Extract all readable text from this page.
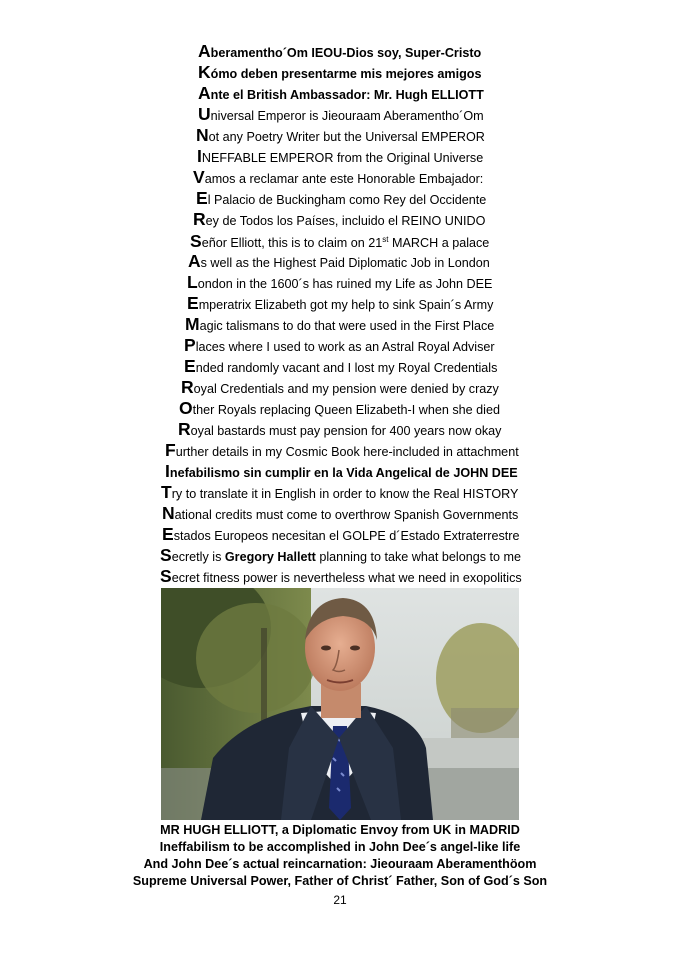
Aberamentho´Om IEOU-Dios soy, Super-Cristo
Kómo deben presentarme mis mejores amigos
Ante el British Ambassador: Mr. Hugh ELLIOTT
Universal Emperor is Jieouraam Aberamentho´Om
Not any Poetry Writer but the Universal EMPEROR
INEFFABLE EMPEROR from the Original Universe
Vamos a reclamar ante este Honorable Embajador:
El Palacio de Buckingham como Rey del Occidente
Rey de Todos los Países, incluido el REINO UNIDO
Señor Elliott, this is to claim on 21st MARCH a palace
As well as the Highest Paid Diplomatic Job in London
London in the 1600´s has ruined my Life as John DEE
Emperatrix Elizabeth got my help to sink Spain´s Army
Magic talismans to do that were used in the First Place
Places where I used to work as an Astral Royal Adviser
Ended randomly vacant and I lost my Royal Credentials
Royal Credentials and my pension were denied by crazy
Other Royals replacing Queen Elizabeth-I when she died
Royal bastards must pay pension for 400 years now okay
Further details in my Cosmic Book here-included in attachment
Inefabilismo sin cumplir en la Vida Angelical de JOHN DEE
Try to translate it in English in order to know the Real HISTORY
National credits must come to overthrow Spanish Governments
Estados Europeos necesitan el GOLPE d´Estado Extraterrestre
Secretly is Gregory Hallett planning to take what belongs to me
Secret fitness power is nevertheless what we need in exopolitics
MR HUGH ELLIOTT, a Diplomatic Envoy from UK in MADRID
Ineffabilism to be accomplished in John Dee´s angel-like life
And John Dee´s actual reincarnation: Jieouraam Aberamenthöom
Supreme Universal Power, Father of Christ´ Father, Son of God´s Son
21
